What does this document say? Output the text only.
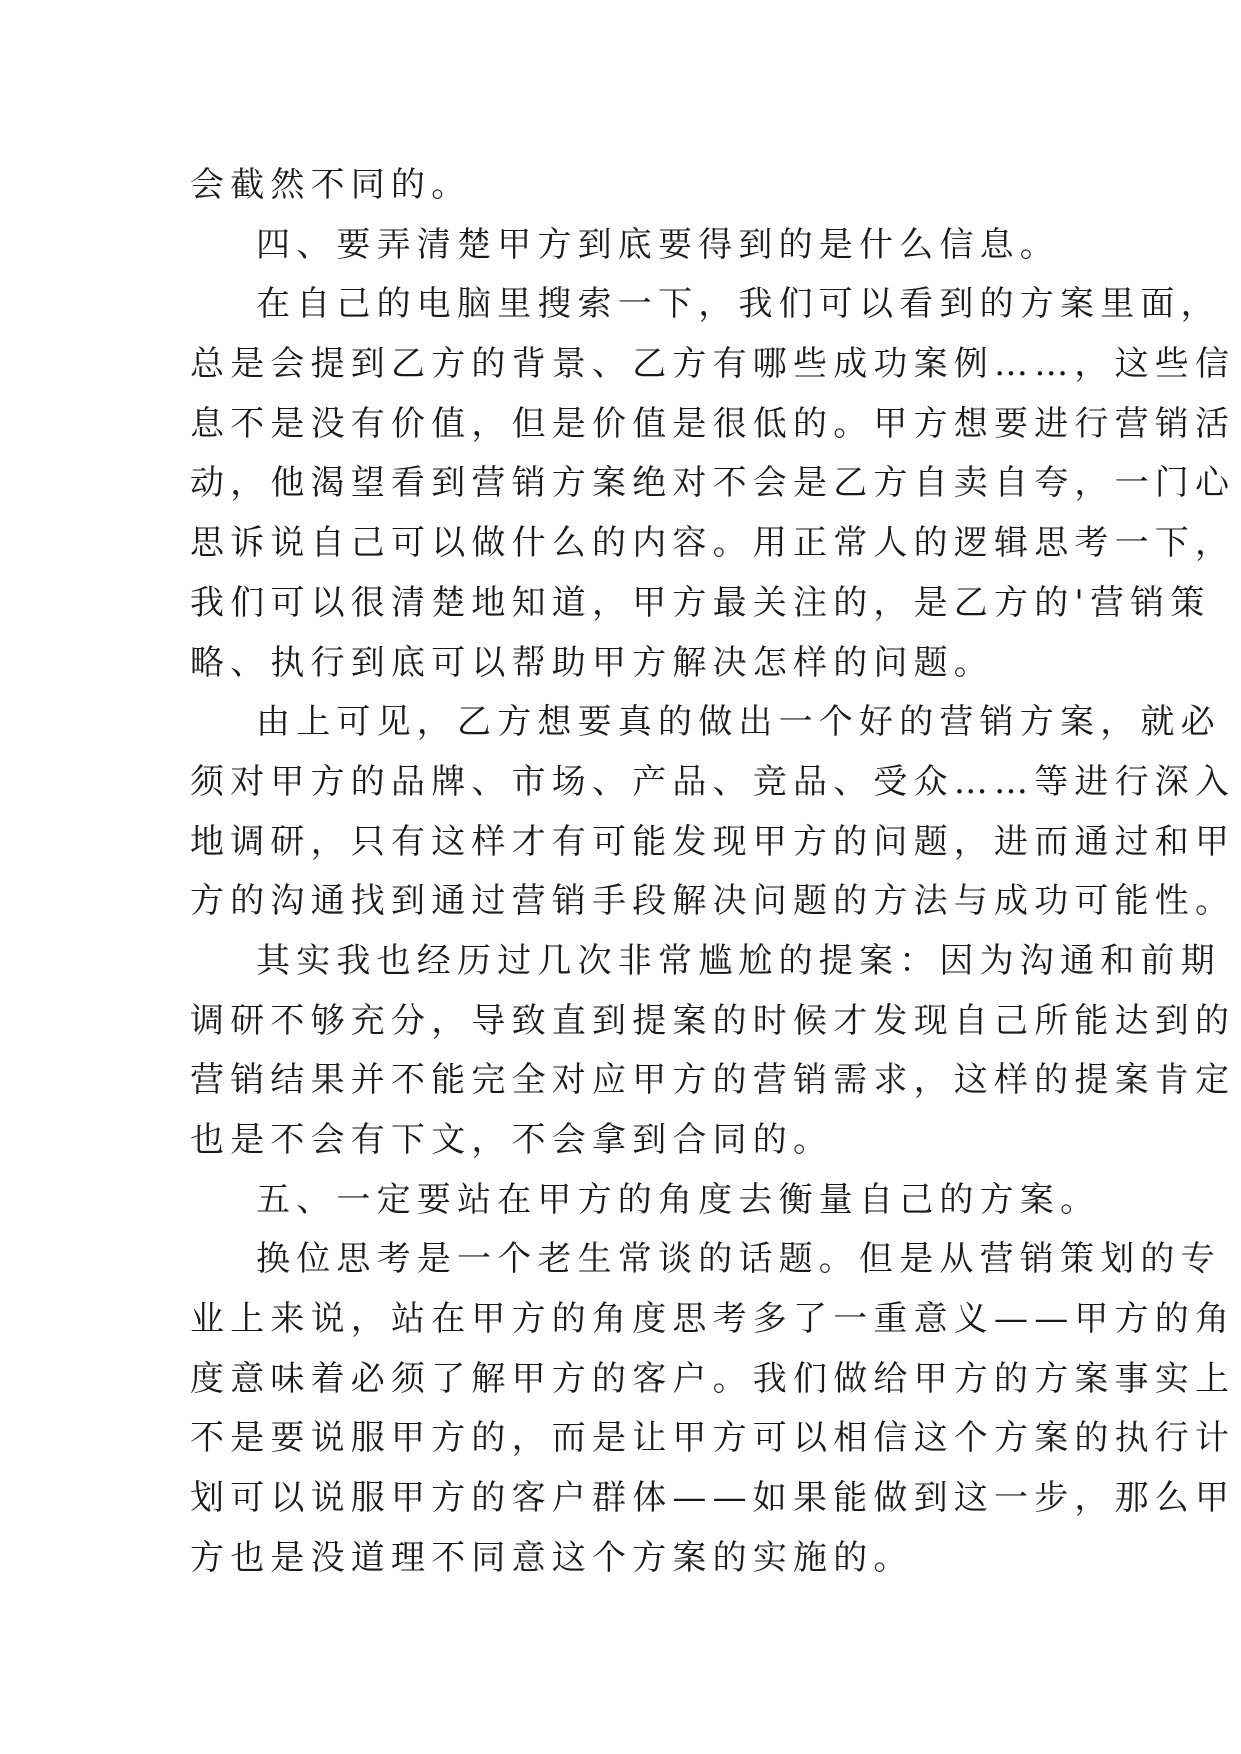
会截然不同的。
四、要弄清楚甲方到底要得到的是什么信息。
在自己的电脑里搜索一下，我们可以看到的方案里面，
总是会提到乙方的背景、乙方有哪些成功案例……，这些信
息不是没有价值，但是价值是很低的。甲方想要进行营销活
动，他渴望看到营销方案绝对不会是乙方自卖自夸，一门心
思诉说自己可以做什么的内容。用正常人的逻辑思考一下，
我们可以很清楚地知道，甲方最关注的，是乙方的'营销策
略、执行到底可以帮助甲方解决怎样的问题。
由上可见，乙方想要真的做出一个好的营销方案，就必
须对甲方的品牌、市场、产品、竞品、受众……等进行深入
地调研，只有这样才有可能发现甲方的问题，进而通过和甲
方的沟通找到通过营销手段解决问题的方法与成功可能性。
其实我也经历过几次非常尴尬的提案：因为沟通和前期
调研不够充分，导致直到提案的时候才发现自己所能达到的
营销结果并不能完全对应甲方的营销需求，这样的提案肯定
也是不会有下文，不会拿到合同的。
五、一定要站在甲方的角度去衡量自己的方案。
换位思考是一个老生常谈的话题。但是从营销策划的专
业上来说，站在甲方的角度思考多了一重意义——甲方的角
度意味着必须了解甲方的客户。我们做给甲方的方案事实上
不是要说服甲方的，而是让甲方可以相信这个方案的执行计
划可以说服甲方的客户群体——如果能做到这一步，那么甲
方也是没道理不同意这个方案的实施的。
